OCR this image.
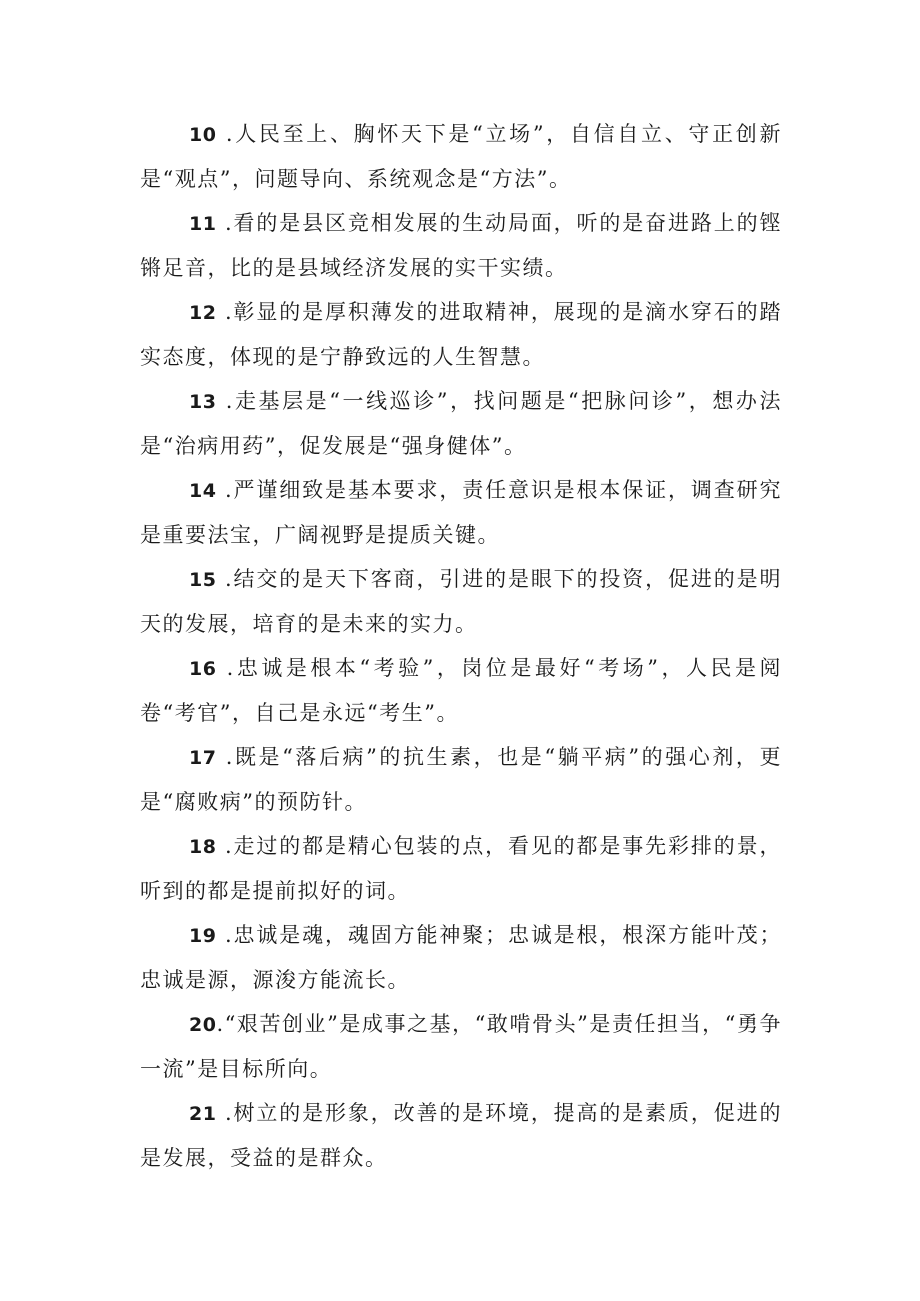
10 .人民至上、胸怀天下是“立场”，自信自立、守正创新是“观点”，问题导向、系统观念是“方法”。

11 .看的是县区竞相发展的生动局面，听的是奋进路上的铿锵足音，比的是县域经济发展的实干实绩。

12 .彰显的是厚积薄发的进取精神，展现的是滴水穿石的踏实态度，体现的是宁静致远的人生智慧。

13 .走基层是“一线巡诊”，找问题是“把脉问诊”，想办法是“治病用药”，促发展是“强身健体”。

14 .严谨细致是基本要求，责任意识是根本保证，调查研究是重要法宝，广阔视野是提质关键。

15 .结交的是天下客商，引进的是眼下的投资，促进的是明天的发展，培育的是未来的实力。

16 .忠诚是根本“考验”，岗位是最好“考场”，人民是阅卷“考官”，自己是永远“考生”。

17 .既是“落后病”的抗生素，也是“躺平病”的强心剂，更是“腐败病”的预防针。

18 .走过的都是精心包装的点，看见的都是事先彩排的景，听到的都是提前拟好的词。

19 .忠诚是魂，魂固方能神聚；忠诚是根，根深方能叶茂；忠诚是源，源浚方能流长。

20.“艰苦创业”是成事之基，“敢啃骨头”是责任担当，“勇争一流”是目标所向。

21 .树立的是形象，改善的是环境，提高的是素质，促进的是发展，受益的是群众。
